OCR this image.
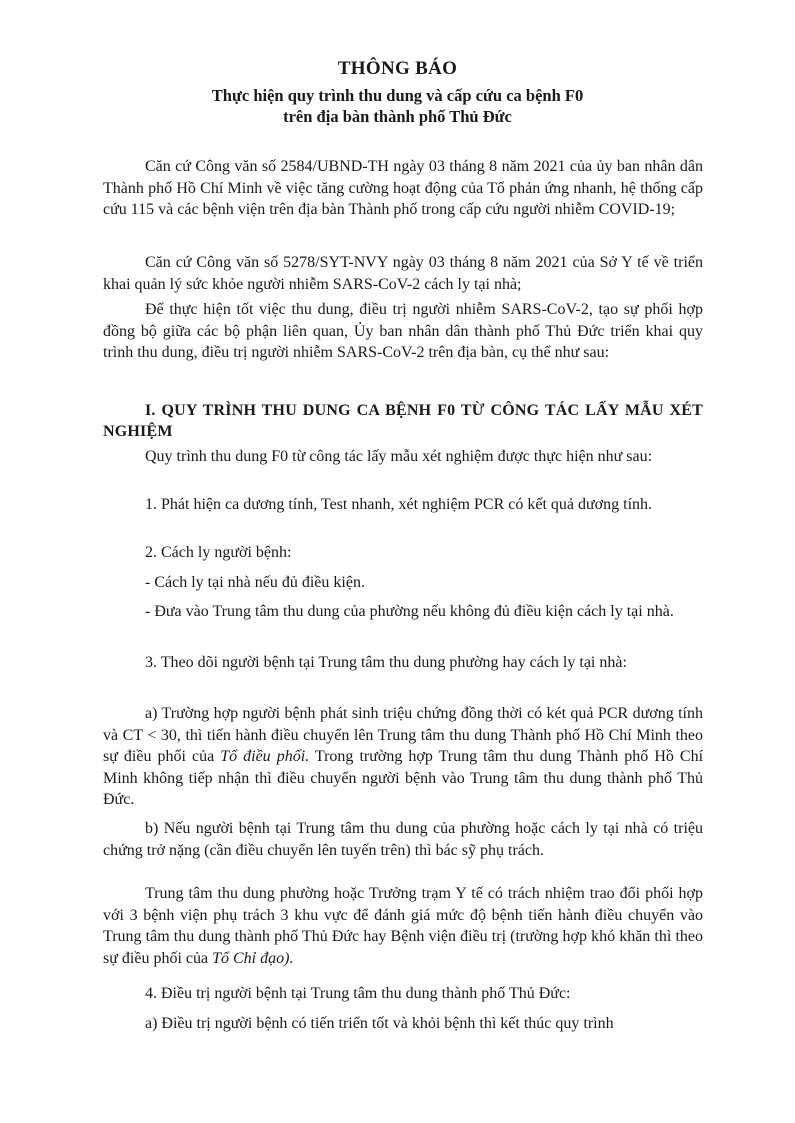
THÔNG BÁO
Thực hiện quy trình thu dung và cấp cứu ca bệnh F0
trên địa bàn thành phố Thủ Đức

Căn cứ Công văn số 2584/UBND-TH ngày 03 tháng 8 năm 2021 của ủy ban nhân dân Thành phố Hồ Chí Minh về việc tăng cường hoạt động của Tổ phản ứng nhanh, hệ thống cấp cứu 115 và các bệnh viện trên địa bàn Thành phố trong cấp cứu người nhiễm COVID-19;

Căn cứ Công văn số 5278/SYT-NVY ngày 03 tháng 8 năm 2021 của Sở Y tế về triển khai quản lý sức khỏe người nhiễm SARS-CoV-2 cách ly tại nhà;

Để thực hiện tốt việc thu dung, điều trị người nhiễm SARS-CoV-2, tạo sự phối hợp đồng bộ giữa các bộ phận liên quan, Ủy ban nhân dân thành phố Thủ Đức triển khai quy trình thu dung, điều trị người nhiễm SARS-CoV-2 trên địa bàn, cụ thể như sau:

I. QUY TRÌNH THU DUNG CA BỆNH F0 TỪ CÔNG TÁC LẤY MẪU XÉT NGHIỆM

Quy trình thu dung F0 từ công tác lấy mẫu xét nghiệm được thực hiện như sau:

1. Phát hiện ca dương tính, Test nhanh, xét nghiệm PCR có kết quả dương tính.

2. Cách ly người bệnh:

- Cách ly tại nhà nếu đủ điều kiện.

- Đưa vào Trung tâm thu dung của phường nếu không đủ điều kiện cách ly tại nhà.

3. Theo dõi người bệnh tại Trung tâm thu dung phường hay cách ly tại nhà:

a) Trường hợp người bệnh phát sinh triệu chứng đồng thời có két quả PCR dương tính và CT < 30, thì tiến hành điều chuyển lên Trung tâm thu dung Thành phố Hồ Chí Minh theo sự điều phối của Tổ điều phối. Trong trường hợp Trung tâm thu dung Thành phố Hồ Chí Minh không tiếp nhận thì điều chuyển người bệnh vào Trung tâm thu dung thành phố Thủ Đức.

b) Nếu người bệnh tại Trung tâm thu dung của phường hoặc cách ly tại nhà có triệu chứng trở nặng (cần điều chuyển lên tuyến trên) thì bác sỹ phụ trách.

Trung tâm thu dung phường hoặc Trưởng trạm Y tế có trách nhiệm trao đổi phối hợp với 3 bệnh viện phụ trách 3 khu vực để đánh giá mức độ bệnh tiến hành điều chuyển vào Trung tâm thu dung thành phố Thủ Đức hay Bệnh viện điều trị (trường hợp khó khăn thì theo sự điều phối của Tổ Chỉ đạo).

4. Điều trị người bệnh tại Trung tâm thu dung thành phố Thủ Đức:

a) Điều trị người bệnh có tiến triển tốt và khỏi bệnh thì kết thúc quy trình
